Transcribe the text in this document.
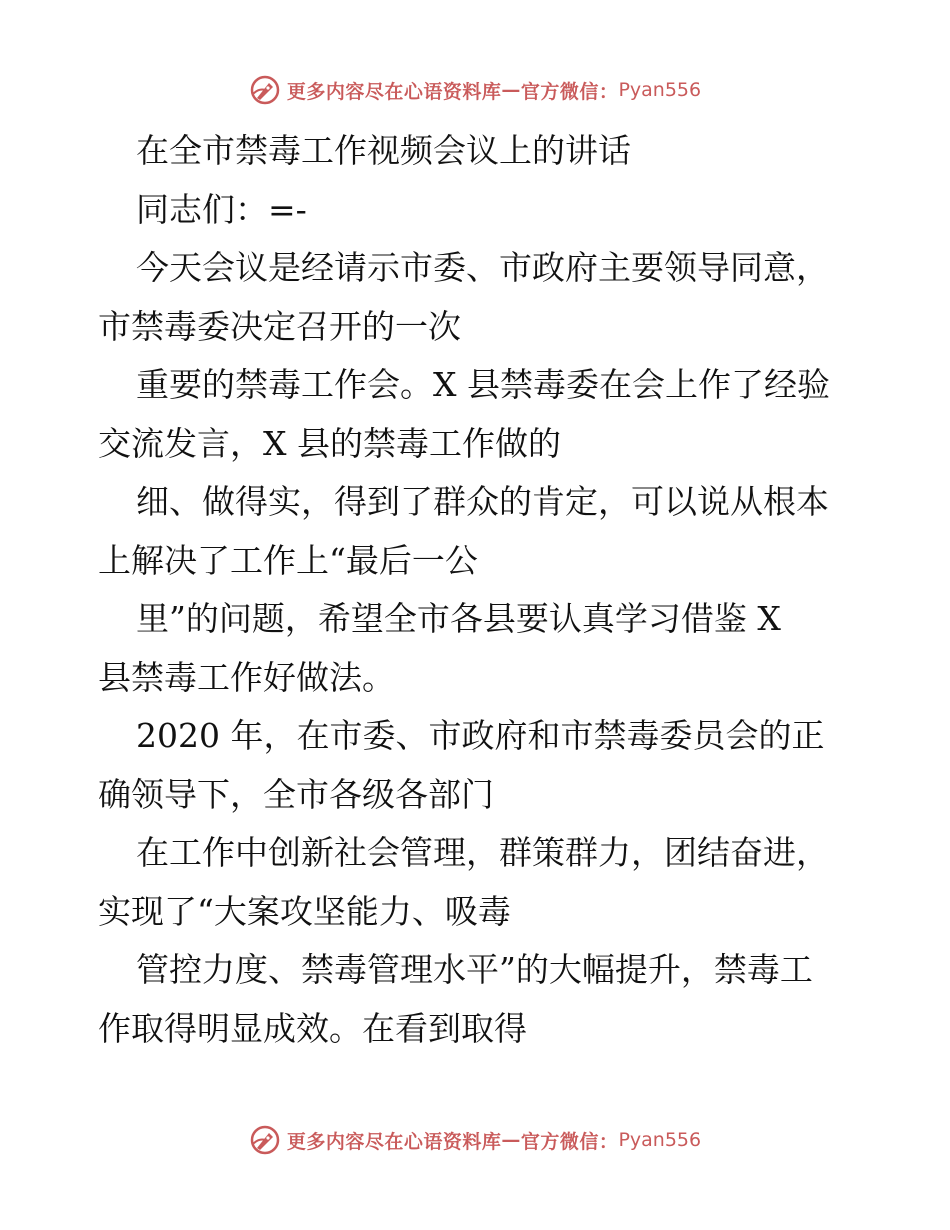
更多内容尽在心语资料库 — 官方微信： Pyan556
在全市禁毒工作视频会议上的讲话
同志们：=-
今天会议是经请示市委、市政府主要领导同意，
市禁毒委决定召开的一次
重要的禁毒工作会。X 县禁毒委在会上作了经验
交流发言，X 县的禁毒工作做的
细、做得实，得到了群众的肯定，可以说从根本
上解决了工作上“最后一公
里”的问题，希望全市各县要认真学习借鉴 X
县禁毒工作好做法。
2020 年，在市委、市政府和市禁毒委员会的正
确领导下，全市各级各部门
在工作中创新社会管理，群策群力，团结奋进，
实现了“大案攻坚能力、吸毒
管控力度、禁毒管理水平”的大幅提升，禁毒工
作取得明显成效。在看到取得
更多内容尽在心语资料库 — 官方微信： Pyan556
